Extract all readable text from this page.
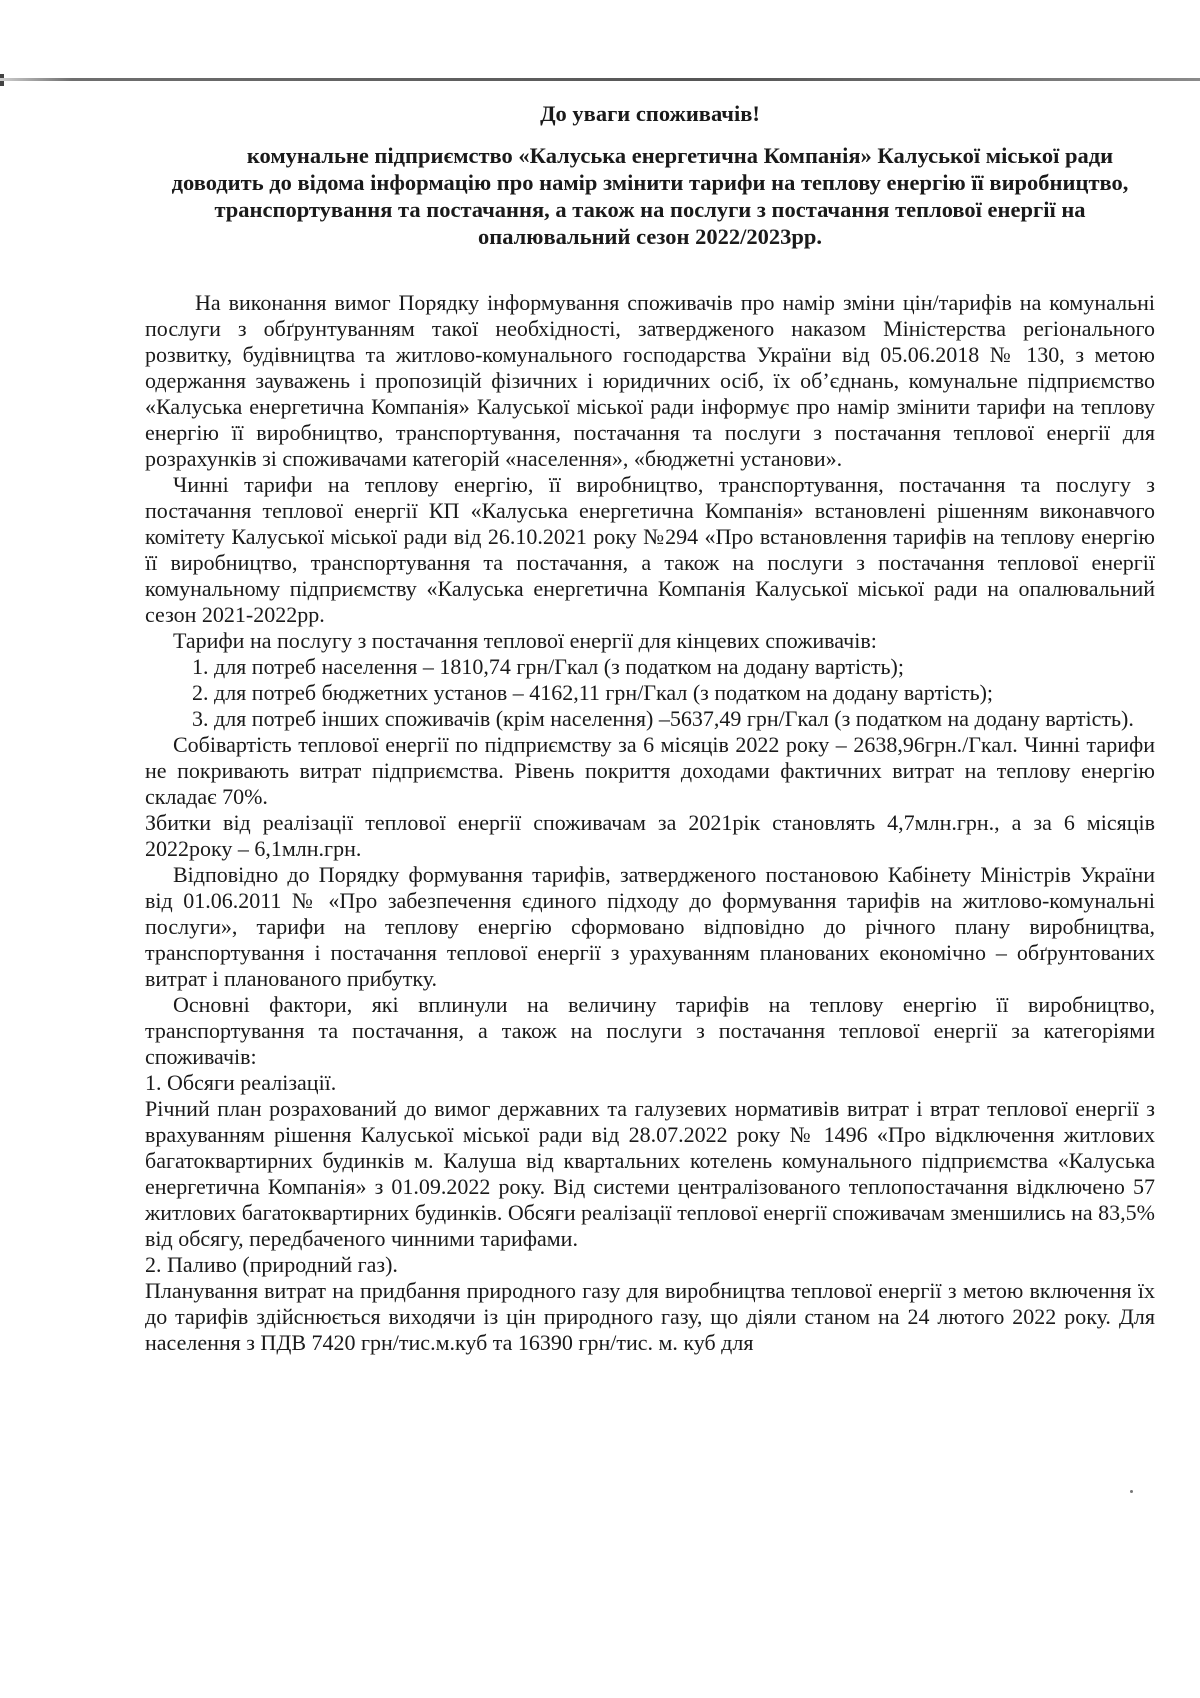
До уваги споживачів!
комунальне підприємство «Калуська енергетична Компанія» Калуської міської ради
доводить до відома інформацію про намір змінити тарифи на теплову енергію її виробництво, транспортування та постачання, а також на послуги з постачання теплової енергії на опалювальний сезон 2022/2023рр.

На виконання вимог Порядку інформування споживачів про намір зміни цін/тарифів на комунальні послуги з обґрунтуванням такої необхідності, затвердженого наказом Міністерства регіонального розвитку, будівництва та житлово-комунального господарства України від 05.06.2018 № 130, з метою одержання зауважень і пропозицій фізичних і юридичних осіб, їх об’єднань, комунальне підприємство «Калуська енергетична Компанія» Калуської міської ради інформує про намір змінити тарифи на теплову енергію її виробництво, транспортування, постачання та послуги з постачання теплової енергії для розрахунків зі споживачами категорій «населення», «бюджетні установи».

Чинні тарифи на теплову енергію, її виробництво, транспортування, постачання та послугу з постачання теплової енергії КП «Калуська енергетична Компанія» встановлені рішенням виконавчого комітету Калуської міської ради від 26.10.2021 року №294 «Про встановлення тарифів на теплову енергію її виробництво, транспортування та постачання, а також на послуги з постачання теплової енергії комунальному підприємству «Калуська енергетична Компанія Калуської міської ради на опалювальний сезон 2021-2022рр.

Тарифи на послугу з постачання теплової енергії для кінцевих споживачів:

1. для потреб населення – 1810,74 грн/Гкал (з податком на додану вартість);

2. для потреб бюджетних установ – 4162,11 грн/Гкал (з податком на додану вартість);

3. для потреб інших споживачів (крім населення) –5637,49 грн/Гкал (з податком на додану вартість).

Собівартість теплової енергії по підприємству за 6 місяців 2022 року – 2638,96грн./Гкал. Чинні тарифи не покривають витрат підприємства. Рівень покриття доходами фактичних витрат на теплову енергію складає 70%.

Збитки від реалізації теплової енергії споживачам за 2021рік становлять 4,7млн.грн., а за 6 місяців 2022року – 6,1млн.грн.

Відповідно до Порядку формування тарифів, затвердженого постановою Кабінету Міністрів України від 01.06.2011 № «Про забезпечення єдиного підходу до формування тарифів на житлово-комунальні послуги», тарифи на теплову енергію сформовано відповідно до річного плану виробництва, транспортування і постачання теплової енергії з урахуванням планованих економічно – обґрунтованих витрат і планованого прибутку.

Основні фактори, які вплинули на величину тарифів на теплову енергію її виробництво, транспортування та постачання, а також на послуги з постачання теплової енергії за категоріями споживачів:

1. Обсяги реалізації.

Річний план розрахований до вимог державних та галузевих нормативів витрат і втрат теплової енергії з врахуванням рішення Калуської міської ради від 28.07.2022 року № 1496 «Про відключення житлових багатоквартирних будинків м. Калуша від квартальних котелень комунального підприємства «Калуська енергетична Компанія» з 01.09.2022 року. Від системи централізованого теплопостачання відключено 57 житлових багатоквартирних будинків. Обсяги реалізації теплової енергії споживачам зменшились на 83,5% від обсягу, передбаченого чинними тарифами.

2. Паливо (природний газ).

Планування витрат на придбання природного газу для виробництва теплової енергії з метою включення їх до тарифів здійснюється виходячи із цін природного газу, що діяли станом на 24 лютого 2022 року. Для населення з ПДВ 7420 грн/тис.м.куб та 16390 грн/тис. м. куб для
